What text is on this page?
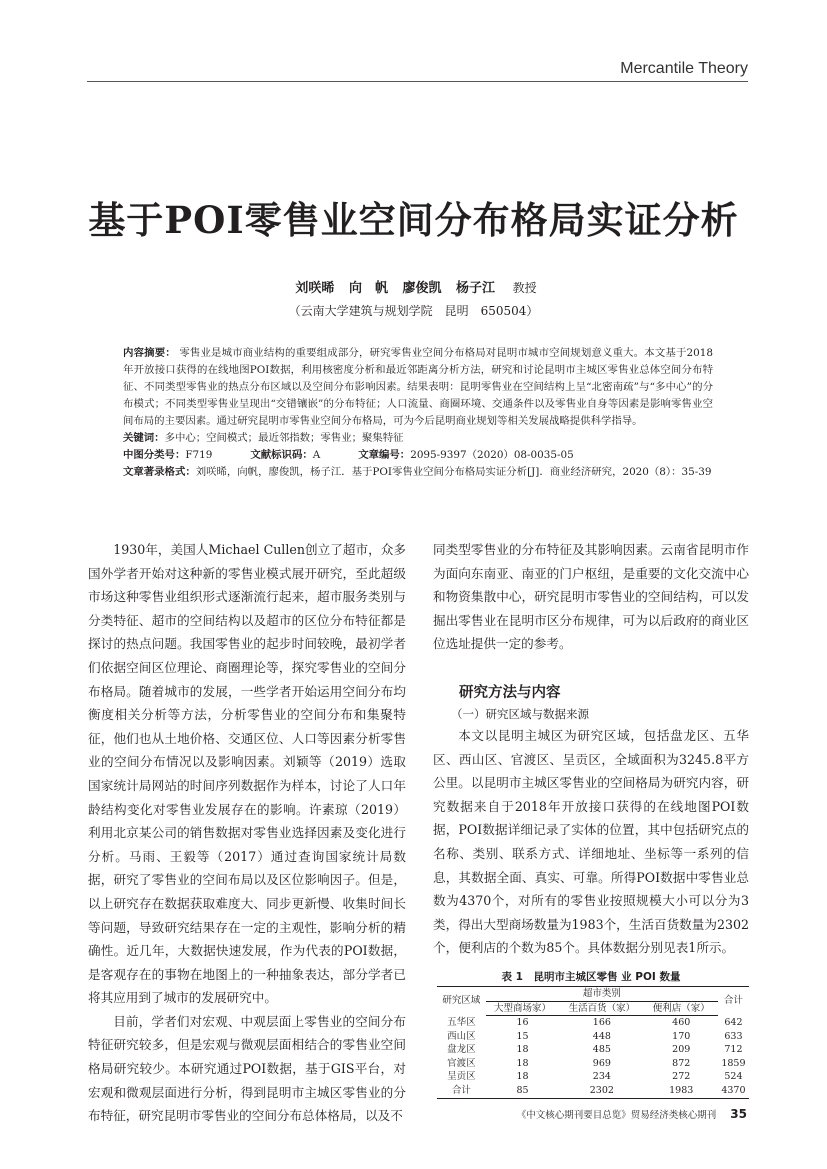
Mercantile Theory
基于POI零售业空间分布格局实证分析
刘咲晞 向　帆 廖俊凯 杨子江 教授
（云南大学建筑与规划学院　昆明　650504）

内容摘要： 零售业是城市商业结构的重要组成部分，研究零售业空间分布格局对昆明市城市空间规划意义重大。本文基于2018年开放接口获得的在线地图POI数据，利用核密度分析和最近邻距离分析方法，研究和讨论昆明市主城区零售业总体空间分布特征、不同类型零售业的热点分布区域以及空间分布影响因素。结果表明：昆明零售业在空间结构上呈“北密南疏”与“多中心”的分布模式；不同类型零售业呈现出“交错镶嵌”的分布特征；人口流量、商圈环境、交通条件以及零售业自身等因素是影响零售业空间布局的主要因素。通过研究昆明市零售业空间分布格局，可为今后昆明商业规划等相关发展战略提供科学指导。

关键词：多中心；空间模式；最近邻指数；零售业；聚集特征

中图分类号：F719	文献标识码：A	文章编号：2095-9397（2020）08-0035-05

文章著录格式：刘咲晞，向帆，廖俊凯，杨子江．基于POI零售业空间分布格局实证分析[J]．商业经济研究，2020（8）：35-39

1930年，美国人Michael Cullen创立了超市，众多国外学者开始对这种新的零售业模式展开研究，至此超级市场这种零售业组织形式逐渐流行起来，超市服务类别与分类特征、超市的空间结构以及超市的区位分布特征都是探讨的热点问题。我国零售业的起步时间较晚，最初学者们依据空间区位理论、商圈理论等，探究零售业的空间分布格局。随着城市的发展，一些学者开始运用空间分布均衡度相关分析等方法，分析零售业的空间分布和集聚特征，他们也从土地价格、交通区位、人口等因素分析零售业的空间分布情况以及影响因素。刘颖等（2019）选取国家统计局网站的时间序列数据作为样本，讨论了人口年龄结构变化对零售业发展存在的影响。许素琼（2019）利用北京某公司的销售数据对零售业选择因素及变化进行分析。马雨、王毅等（2017）通过查询国家统计局数据，研究了零售业的空间布局以及区位影响因子。但是，以上研究存在数据获取难度大、同步更新慢、收集时间长等问题，导致研究结果存在一定的主观性，影响分析的精确性。近几年，大数据快速发展，作为代表的POI数据，是客观存在的事物在地图上的一种抽象表达，部分学者已将其应用到了城市的发展研究中。

目前，学者们对宏观、中观层面上零售业的空间分布特征研究较多，但是宏观与微观层面相结合的零售业空间格局研究较少。本研究通过POI数据，基于GIS平台，对宏观和微观层面进行分析，得到昆明市主城区零售业的分布特征，研究昆明市零售业的空间分布总体格局，以及不

同类型零售业的分布特征及其影响因素。云南省昆明市作为面向东南亚、南亚的门户枢纽，是重要的文化交流中心和物资集散中心，研究昆明市零售业的空间结构，可以发掘出零售业在昆明市区分布规律，可为以后政府的商业区位选址提供一定的参考。

研究方法与内容
（一）研究区域与数据来源

本文以昆明主城区为研究区域，包括盘龙区、五华区、西山区、官渡区、呈贡区，全域面积为3245.8平方公里。以昆明市主城区零售业的空间格局为研究内容，研究数据来自于2018年开放接口获得的在线地图POI数据，POI数据详细记录了实体的位置，其中包括研究点的名称、类别、联系方式、详细地址、坐标等一系列的信息，其数据全面、真实、可靠。所得POI数据中零售业总数为4370个，对所有的零售业按照规模大小可以分为3类，得出大型商场数量为1983个，生活百货数量为2302个，便利店的个数为85个。具体数据分别见表1所示。

表 1　昆明市主城区零售 业 POI 数量
研究区域	超市类别			合计
	大型商场家）	生活百货（家）	便利店（家）	
五华区	16	166	460	642
西山区	15	448	170	633
盘龙区	18	485	209	712
官渡区	18	969	872	1859
呈贡区	18	234	272	524
合计	85	2302	1983	4370
《中文核心期刊要目总览》贸易经济类核心期刊 35
